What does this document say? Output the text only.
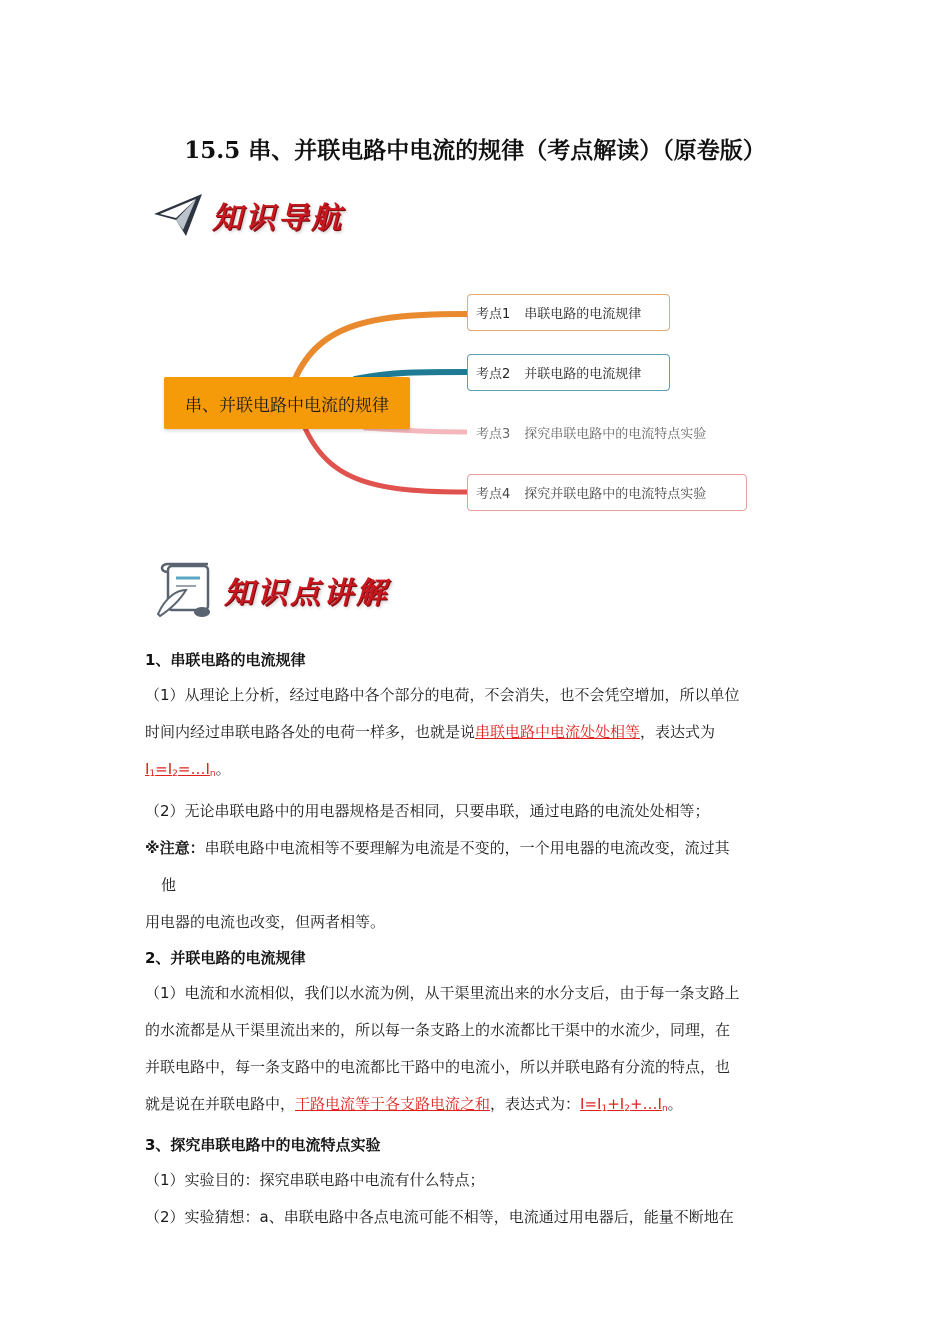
15.5 串、并联电路中电流的规律（考点解读）（原卷版）
知识导航
串、并联电路中电流的规律
考点1 串联电路的电流规律
考点2 并联电路的电流规律
考点3 探究串联电路中的电流特点实验
考点4 探究并联电路中的电流特点实验
知识点讲解
1、串联电路的电流规律
（1）从理论上分析，经过电路中各个部分的电荷，不会消失，也不会凭空增加，所以单位
时间内经过串联电路各处的电荷一样多，也就是说串联电路中电流处处相等，表达式为
$I_1=I_2=\dots I_n$。
（2）无论串联电路中的用电器规格是否相同，只要串联，通过电路的电流处处相等；
※注意：串联电路中电流相等不要理解为电流是不变的，一个用电器的电流改变，流过其
他
用电器的电流也改变，但两者相等。
2、并联电路的电流规律
（1）电流和水流相似，我们以水流为例，从干渠里流出来的水分支后，由于每一条支路上
的水流都是从干渠里流出来的，所以每一条支路上的水流都比干渠中的水流少，同理，在
并联电路中，每一条支路中的电流都比干路中的电流小，所以并联电路有分流的特点，也
就是说在并联电路中，干路电流等于各支路电流之和，表达式为：$I=I_1+I_2+\dots I_n$。
3、探究串联电路中的电流特点实验
（1）实验目的：探究串联电路中电流有什么特点；
（2）实验猜想：a、串联电路中各点电流可能不相等，电流通过用电器后，能量不断地在
